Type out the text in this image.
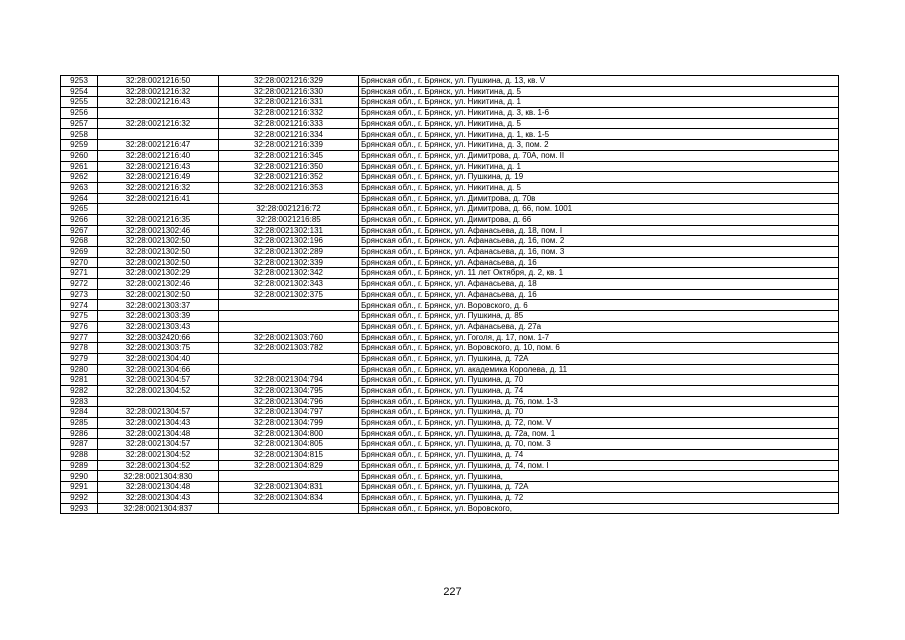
9253	32:28:0021216:50	32:28:0021216:329	Брянская обл., г. Брянск, ул. Пушкина, д. 13, кв. V
9254	32:28:0021216:32	32:28:0021216:330	Брянская обл., г. Брянск, ул. Никитина, д. 5
9255	32:28:0021216:43	32:28:0021216:331	Брянская обл., г. Брянск, ул. Никитина, д. 1
9256		32:28:0021216:332	Брянская обл., г. Брянск, ул. Никитина, д. 3, кв. 1-6
9257	32:28:0021216:32	32:28:0021216:333	Брянская обл., г. Брянск, ул. Никитина, д. 5
9258		32:28:0021216:334	Брянская обл., г. Брянск, ул. Никитина, д. 1, кв. 1-5
9259	32:28:0021216:47	32:28:0021216:339	Брянская обл., г. Брянск, ул. Никитина, д. 3, пом. 2
9260	32:28:0021216:40	32:28:0021216:345	Брянская обл., г. Брянск, ул. Димитрова, д. 70А, пом. II
9261	32:28:0021216:43	32:28:0021216:350	Брянская обл., г. Брянск, ул. Никитина, д. 1
9262	32:28:0021216:49	32:28:0021216:352	Брянская обл., г. Брянск, ул. Пушкина, д. 19
9263	32:28:0021216:32	32:28:0021216:353	Брянская обл., г. Брянск, ул. Никитина, д. 5
9264	32:28:0021216:41		Брянская обл., г. Брянск, ул. Димитрова, д. 70в
9265		32:28:0021216:72	Брянская обл., г. Брянск, ул. Димитрова, д. 66, пом. 1001
9266	32:28:0021216:35	32:28:0021216:85	Брянская обл., г. Брянск, ул. Димитрова, д. 66
9267	32:28:0021302:46	32:28:0021302:131	Брянская обл., г. Брянск, ул. Афанасьева, д. 18, пом. I
9268	32:28:0021302:50	32:28:0021302:196	Брянская обл., г. Брянск, ул. Афанасьева, д. 16, пом. 2
9269	32:28:0021302:50	32:28:0021302:289	Брянская обл., г. Брянск, ул. Афанасьева, д. 16, пом. 3
9270	32:28:0021302:50	32:28:0021302:339	Брянская обл., г. Брянск, ул. Афанасьева, д. 16
9271	32:28:0021302:29	32:28:0021302:342	Брянская обл., г. Брянск, ул. 11 лет Октября, д. 2, кв. 1
9272	32:28:0021302:46	32:28:0021302:343	Брянская обл., г. Брянск, ул. Афанасьева, д. 18
9273	32:28:0021302:50	32:28:0021302:375	Брянская обл., г. Брянск, ул. Афанасьева, д. 16
9274	32:28:0021303:37		Брянская обл., г. Брянск, ул. Воровского, д. 6
9275	32:28:0021303:39		Брянская обл., г. Брянск, ул. Пушкина, д. 85
9276	32:28:0021303:43		Брянская обл., г. Брянск, ул. Афанасьева, д. 27а
9277	32:28:0032420:66	32:28:0021303:760	Брянская обл., г. Брянск, ул. Гоголя, д. 17, пом. 1-7
9278	32:28:0021303:75	32:28:0021303:782	Брянская обл., г. Брянск, ул. Воровского, д. 10, пом. 6
9279	32:28:0021304:40		Брянская обл., г. Брянск, ул. Пушкина, д. 72А
9280	32:28:0021304:66		Брянская обл., г. Брянск, ул. академика Королева, д. 11
9281	32:28:0021304:57	32:28:0021304:794	Брянская обл., г. Брянск, ул. Пушкина, д. 70
9282	32:28:0021304:52	32:28:0021304:795	Брянская обл., г. Брянск, ул. Пушкина, д. 74
9283		32:28:0021304:796	Брянская обл., г. Брянск, ул. Пушкина, д. 76, пом. 1-3
9284	32:28:0021304:57	32:28:0021304:797	Брянская обл., г. Брянск, ул. Пушкина, д. 70
9285	32:28:0021304:43	32:28:0021304:799	Брянская обл., г. Брянск, ул. Пушкина, д. 72, пом. V
9286	32:28:0021304:48	32:28:0021304:800	Брянская обл., г. Брянск, ул. Пушкина, д. 72а, пом. 1
9287	32:28:0021304:57	32:28:0021304:805	Брянская обл., г. Брянск, ул. Пушкина, д. 70, пом. 3
9288	32:28:0021304:52	32:28:0021304:815	Брянская обл., г. Брянск, ул. Пушкина, д. 74
9289	32:28:0021304:52	32:28:0021304:829	Брянская обл., г. Брянск, ул. Пушкина, д. 74, пом. I
9290	32:28:0021304:830		Брянская обл., г. Брянск, ул. Пушкина,
9291	32:28:0021304:48	32:28:0021304:831	Брянская обл., г. Брянск, ул. Пушкина, д. 72А
9292	32:28:0021304:43	32:28:0021304:834	Брянская обл., г. Брянск, ул. Пушкина, д. 72
9293	32:28:0021304:837		Брянская обл., г. Брянск, ул. Воровского,
227
